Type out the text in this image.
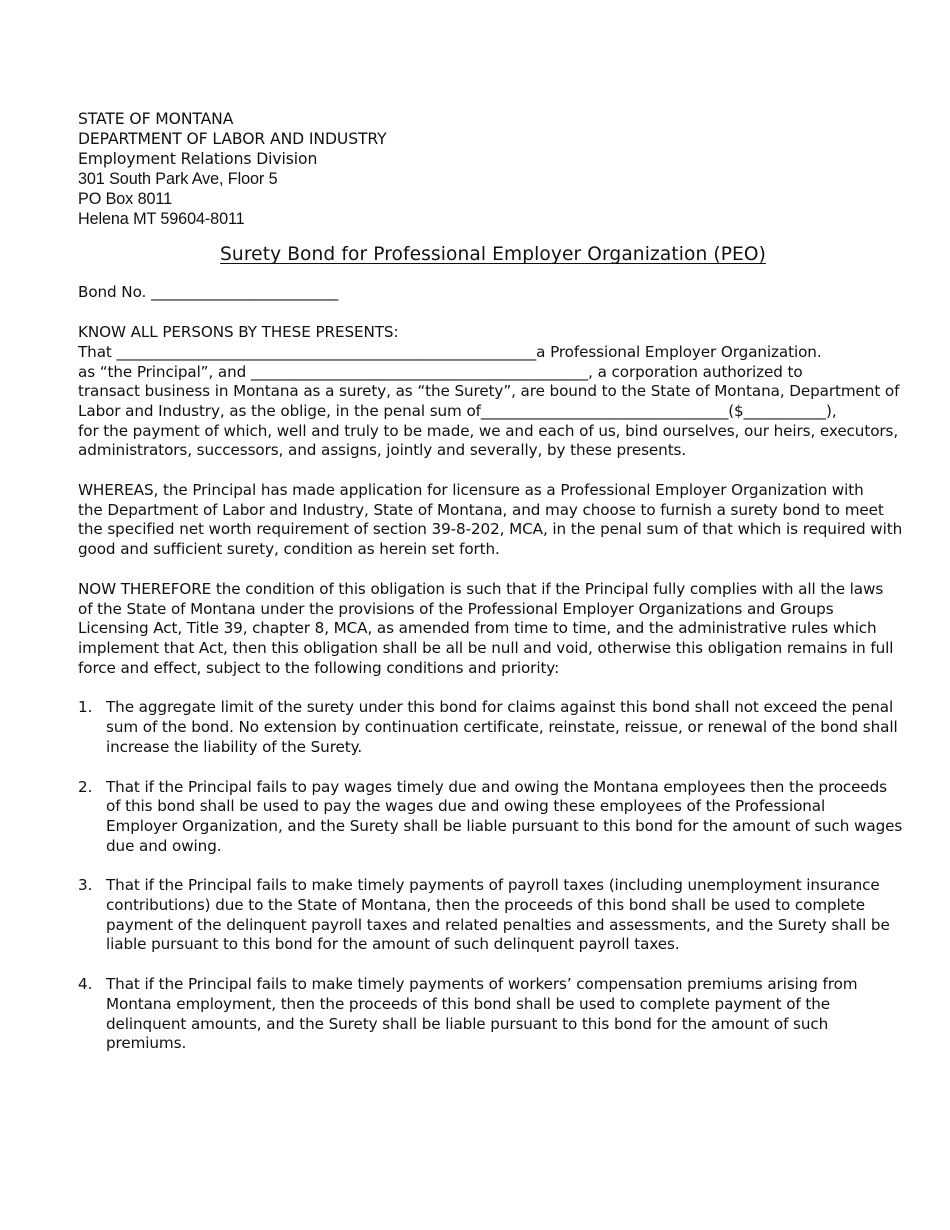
STATE OF MONTANA
DEPARTMENT OF LABOR AND INDUSTRY
Employment Relations Division
301 South Park Ave, Floor 5
PO Box 8011
Helena MT 59604-8011
Surety Bond for Professional Employer Organization (PEO)
Bond No. _________________________
KNOW ALL PERSONS BY THESE PRESENTS:
That ________________________________________________________a Professional Employer Organization.
as “the Principal”, and _____________________________________________, a corporation authorized to
transact business in Montana as a surety, as “the Surety”, are bound to the State of Montana, Department of
Labor and Industry, as the oblige, in the penal sum of_________________________________($___________),
for the payment of which, well and truly to be made, we and each of us, bind ourselves, our heirs, executors,
administrators, successors, and assigns, jointly and severally, by these presents.
WHEREAS, the Principal has made application for licensure as a Professional Employer Organization with
the Department of Labor and Industry, State of Montana, and may choose to furnish a surety bond to meet
the specified net worth requirement of section 39-8-202, MCA, in the penal sum of that which is required with
good and sufficient surety, condition as herein set forth.
NOW THEREFORE the condition of this obligation is such that if the Principal fully complies with all the laws
of the State of Montana under the provisions of the Professional Employer Organizations and Groups
Licensing Act, Title 39, chapter 8, MCA, as amended from time to time, and the administrative rules which
implement that Act, then this obligation shall be all be null and void, otherwise this obligation remains in full
force and effect, subject to the following conditions and priority:
1. The aggregate limit of the surety under this bond for claims against this bond shall not exceed the penal
sum of the bond. No extension by continuation certificate, reinstate, reissue, or renewal of the bond shall
increase the liability of the Surety.
2. That if the Principal fails to pay wages timely due and owing the Montana employees then the proceeds
of this bond shall be used to pay the wages due and owing these employees of the Professional
Employer Organization, and the Surety shall be liable pursuant to this bond for the amount of such wages
due and owing.
3. That if the Principal fails to make timely payments of payroll taxes (including unemployment insurance
contributions) due to the State of Montana, then the proceeds of this bond shall be used to complete
payment of the delinquent payroll taxes and related penalties and assessments, and the Surety shall be
liable pursuant to this bond for the amount of such delinquent payroll taxes.
4. That if the Principal fails to make timely payments of workers’ compensation premiums arising from
Montana employment, then the proceeds of this bond shall be used to complete payment of the
delinquent amounts, and the Surety shall be liable pursuant to this bond for the amount of such
premiums.
